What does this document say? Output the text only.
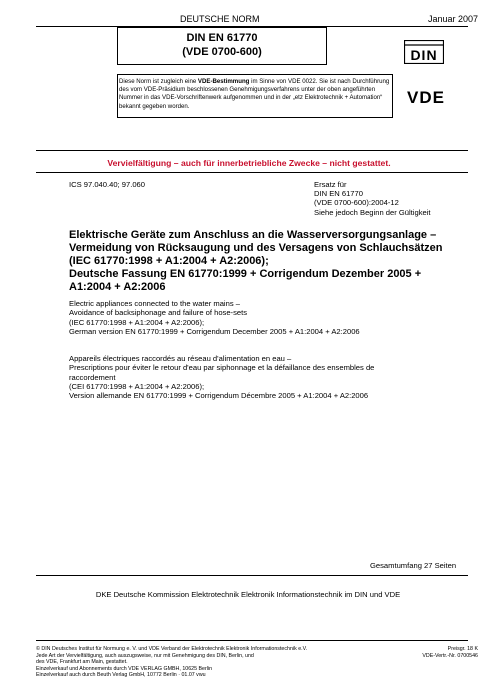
DEUTSCHE NORM	Januar 2007
DIN EN 61770
(VDE 0700-600)	DIN
Diese Norm ist zugleich eine VDE-Bestimmung im Sinne von VDE 0022. Sie ist nach Durchführung des vom VDE-Präsidium beschlossenen Genehmigungsverfahrens unter der oben angeführten Nummer in das VDE-Vorschriftenwerk aufgenommen und in der „etz Elektrotechnik + Automation“ bekannt gegeben worden.	VDE
Vervielfältigung – auch für innerbetriebliche Zwecke – nicht gestattet.
ICS 97.040.40; 97.060	Ersatz für
DIN EN 61770
(VDE 0700-600):2004-12
Siehe jedoch Beginn der Gültigkeit
Elektrische Geräte zum Anschluss an die Wasserversorgungsanlage –
Vermeidung von Rücksaugung und des Versagens von Schlauchsätzen
(IEC 61770:1998 + A1:2004 + A2:2006);
Deutsche Fassung EN 61770:1999 + Corrigendum Dezember 2005 +
A1:2004 + A2:2006
Electric appliances connected to the water mains –
Avoidance of backsiphonage and failure of hose-sets
(IEC 61770:1998 + A1:2004 + A2:2006);
German version EN 61770:1999 + Corrigendum December 2005 + A1:2004 + A2:2006
Appareils électriques raccordés au réseau d'alimentation en eau –
Prescriptions pour éviter le retour d'eau par siphonnage et la défaillance des ensembles de
raccordement
(CEI 61770:1998 + A1:2004 + A2:2006);
Version allemande EN 61770:1999 + Corrigendum Décembre 2005 + A1:2004 + A2:2006
Gesamtumfang 27 Seiten
DKE Deutsche Kommission Elektrotechnik Elektronik Informationstechnik im DIN und VDE
© DIN Deutsches Institut für Normung e. V. und VDE Verband der Elektrotechnik Elektronik Informationstechnik e.V.
Jede Art der Vervielfältigung, auch auszugsweise, nur mit Genehmigung des DIN, Berlin, und
des VDE, Frankfurt am Main, gestattet.
Einzelverkauf und Abonnements durch VDE VERLAG GMBH, 10625 Berlin
Einzelverkauf auch durch Beuth Verlag GmbH, 10772 Berlin · 01.07 vwu
Preisgr. 18 K
VDE-Vertr.-Nr. 0700546
